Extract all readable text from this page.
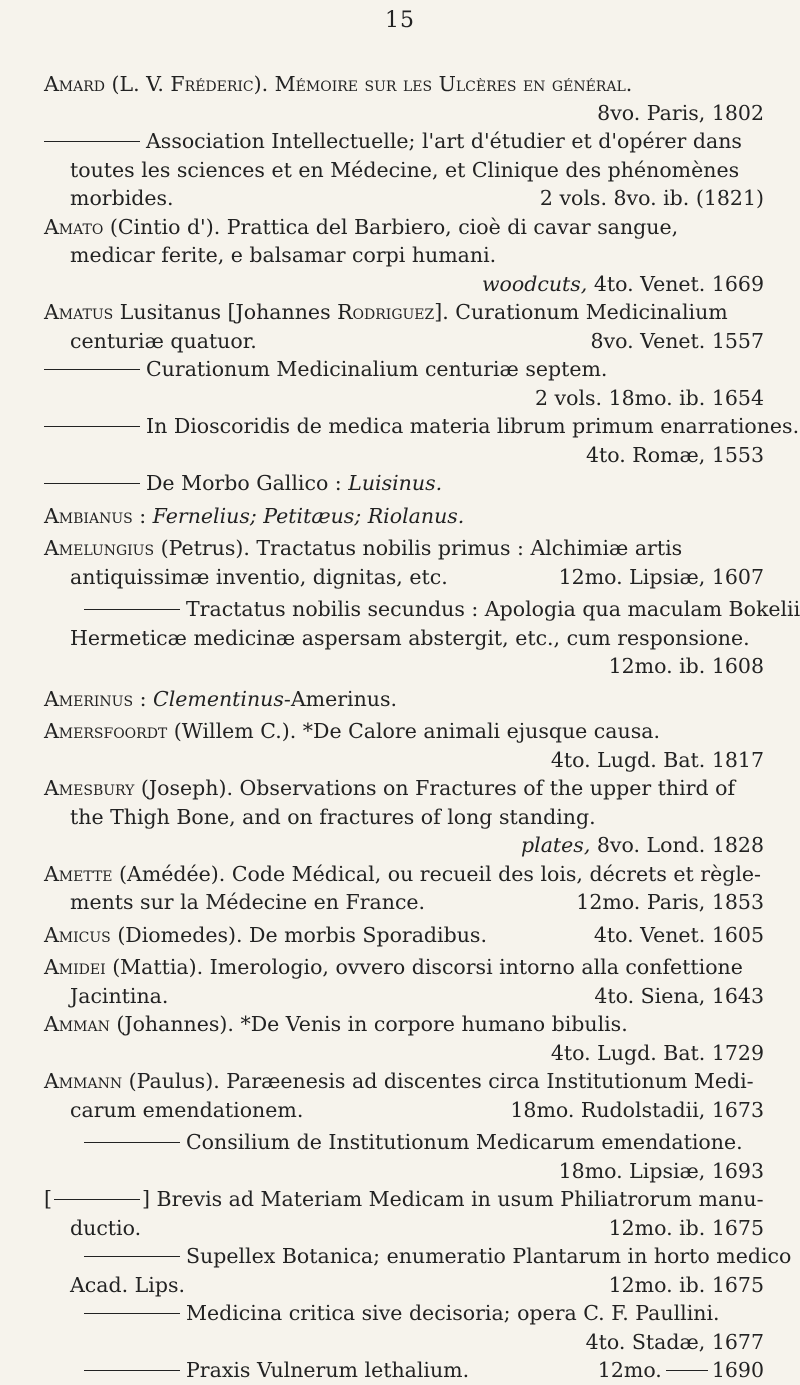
15
Amard (L. V. Fréderic). Mémoire sur les Ulcères en général.
8vo. Paris, 1802
Association Intellectuelle; l'art d'étudier et d'opérer dans
toutes les sciences et en Médecine, et Clinique des phénomènes
morbides.	2 vols. 8vo. ib. (1821)
Amato (Cintio d'). Prattica del Barbiero, cioè di cavar sangue,
medicar ferite, e balsamar corpi humani.
woodcuts, 4to. Venet. 1669
Amatus Lusitanus [Johannes Rodriguez]. Curationum Medicinalium
centuriæ quatuor.	8vo. Venet. 1557
Curationum Medicinalium centuriæ septem.
2 vols. 18mo. ib. 1654
In Dioscoridis de medica materia librum primum enarrationes.
4to. Romæ, 1553
De Morbo Gallico : Luisinus.
Ambianus : Fernelius; Petitæus; Riolanus.
Amelungius (Petrus). Tractatus nobilis primus : Alchimiæ artis
antiquissimæ inventio, dignitas, etc.	12mo. Lipsiæ, 1607
Tractatus nobilis secundus : Apologia qua maculam Bokelii
Hermeticæ medicinæ aspersam abstergit, etc., cum responsione.
12mo. ib. 1608
Amerinus : Clementinus-Amerinus.
Amersfoordt (Willem C.). *De Calore animali ejusque causa.
4to. Lugd. Bat. 1817
Amesbury (Joseph). Observations on Fractures of the upper third of
the Thigh Bone, and on fractures of long standing.
plates, 8vo. Lond. 1828
Amette (Amédée). Code Médical, ou recueil des lois, décrets et règle-
ments sur la Médecine en France.	12mo. Paris, 1853
Amicus (Diomedes). De morbis Sporadibus.	4to. Venet. 1605
Amidei (Mattia). Imerologio, ovvero discorsi intorno alla confettione
Jacintina.	4to. Siena, 1643
Amman (Johannes). *De Venis in corpore humano bibulis.
4to. Lugd. Bat. 1729
Ammann (Paulus). Paræenesis ad discentes circa Institutionum Medi-
carum emendationem.	18mo. Rudolstadii, 1673
Consilium de Institutionum Medicarum emendatione.
18mo. Lipsiæ, 1693
[	] Brevis ad Materiam Medicam in usum Philiatrorum manu-
ductio.	12mo. ib. 1675
Supellex Botanica; enumeratio Plantarum in horto medico
Acad. Lips.	12mo. ib. 1675
Medicina critica sive decisoria; opera C. F. Paullini.
4to. Stadæ, 1677
Praxis Vulnerum lethalium.	12mo. 1690
